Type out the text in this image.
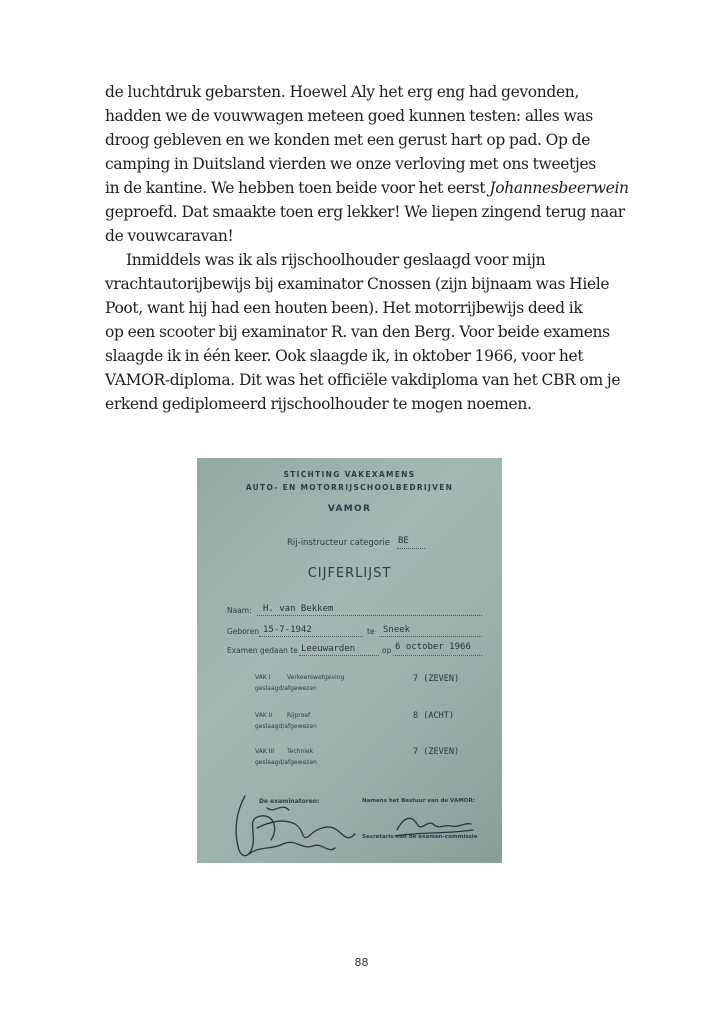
de luchtdruk gebarsten. Hoewel Aly het erg eng had gevonden,
hadden we de vouwwagen meteen goed kunnen testen: alles was
droog gebleven en we konden met een gerust hart op pad. Op de
camping in Duitsland vierden we onze verloving met ons tweetjes
in de kantine. We hebben toen beide voor het eerst Johannesbeerwein
geproefd. Dat smaakte toen erg lekker! We liepen zingend terug naar
de vouwcaravan!

Inmiddels was ik als rijschoolhouder geslaagd voor mijn
vrachtautorijbewijs bij examinator Cnossen (zijn bijnaam was Hiele
Poot, want hij had een houten been). Het motorrijbewijs deed ik
op een scooter bij examinator R. van den Berg. Voor beide examens
slaagde ik in één keer. Ook slaagde ik, in oktober 1966, voor het
VAMOR-diploma. Dit was het officiële vakdiploma van het CBR om je
erkend gediplomeerd rijschoolhouder te mogen noemen.

STICHTING VAKEXAMENS
AUTO- EN MOTORRIJSCHOOLBEDRIJVEN
VAMOR
Rij-instructeur categorie BE
CIJFERLIJST
Naam: H. van Bekkem
Geboren 15-7-1942	te Sneek
Examen gedaan te Leeuwarden	op 6 october 1966
VAK I	Verkeerswetgeving
geslaagd/afgewezen
7 (ZEVEN)
VAK II Rijproef
geslaagd/afgewezen
8 (ACHT)
VAK III Techniek
geslaagd/afgewezen
7 (ZEVEN)
De examinatoren:	Namens het Bestuur van de VAMOR:
Secretaris van de examen-commissie
88
